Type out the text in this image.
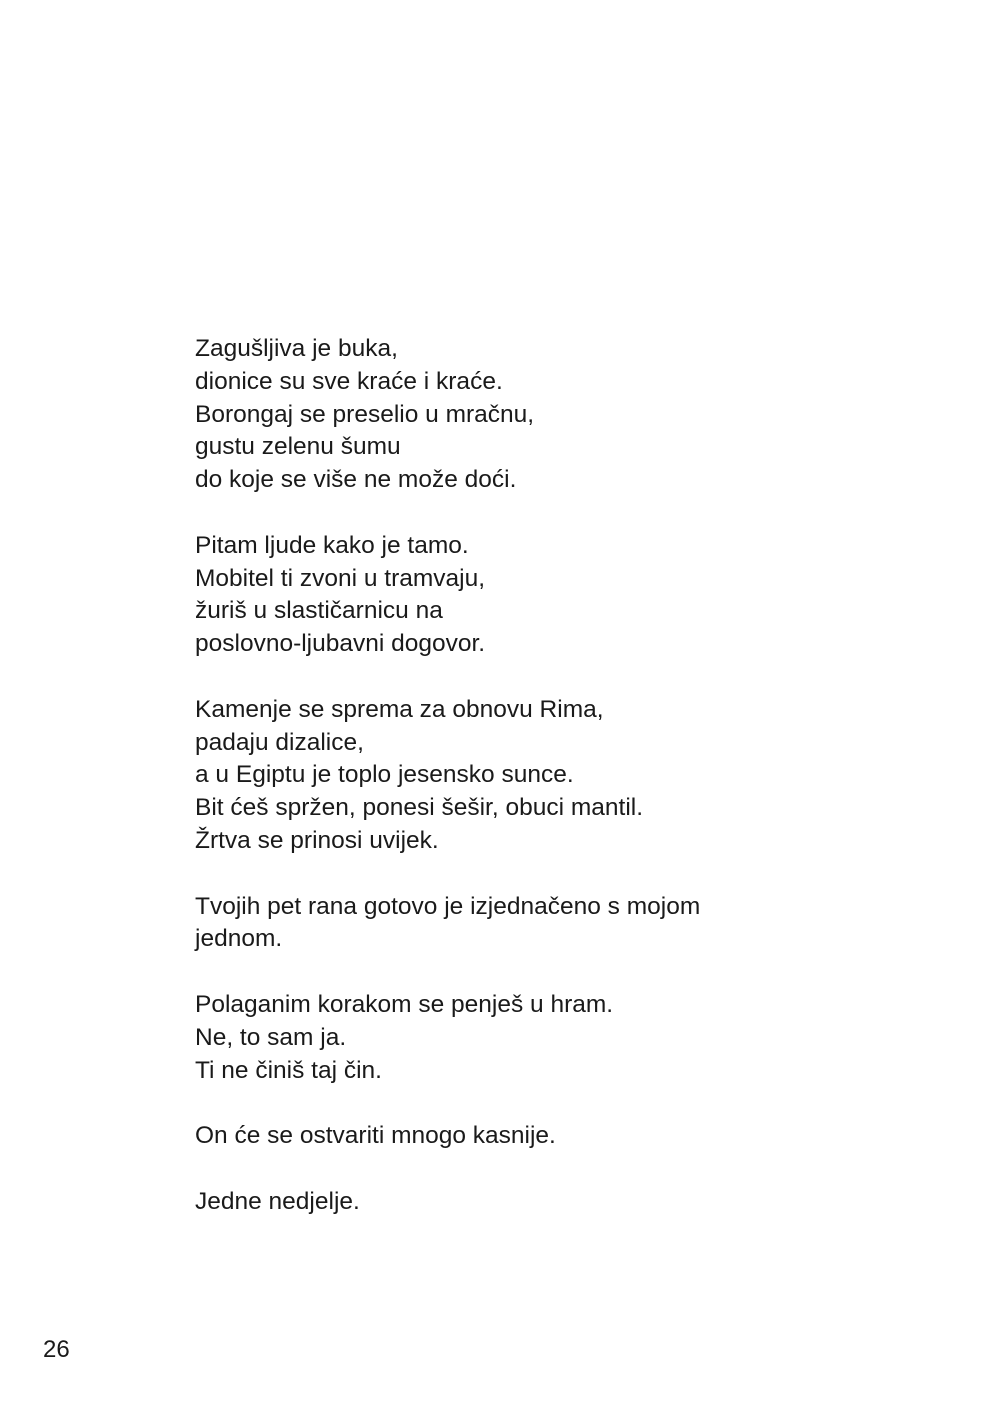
Zagušljiva je buka,
dionice su sve kraće i kraće.
Borongaj se preselio u mračnu,
gustu zelenu šumu
do koje se više ne može doći.
Pitam ljude kako je tamo.
Mobitel ti zvoni u tramvaju,
žuriš u slastičarnicu na
poslovno-ljubavni dogovor.
Kamenje se sprema za obnovu Rima,
padaju dizalice,
a u Egiptu je toplo jesensko sunce.
Bit ćeš spržen, ponesi šešir, obuci mantil.
Žrtva se prinosi uvijek.
Tvojih pet rana gotovo je izjednačeno s mojom
jednom.
Polaganim korakom se penješ u hram.
Ne, to sam ja.
Ti ne činiš taj čin.
On će se ostvariti mnogo kasnije.
Jedne nedjelje.
26
